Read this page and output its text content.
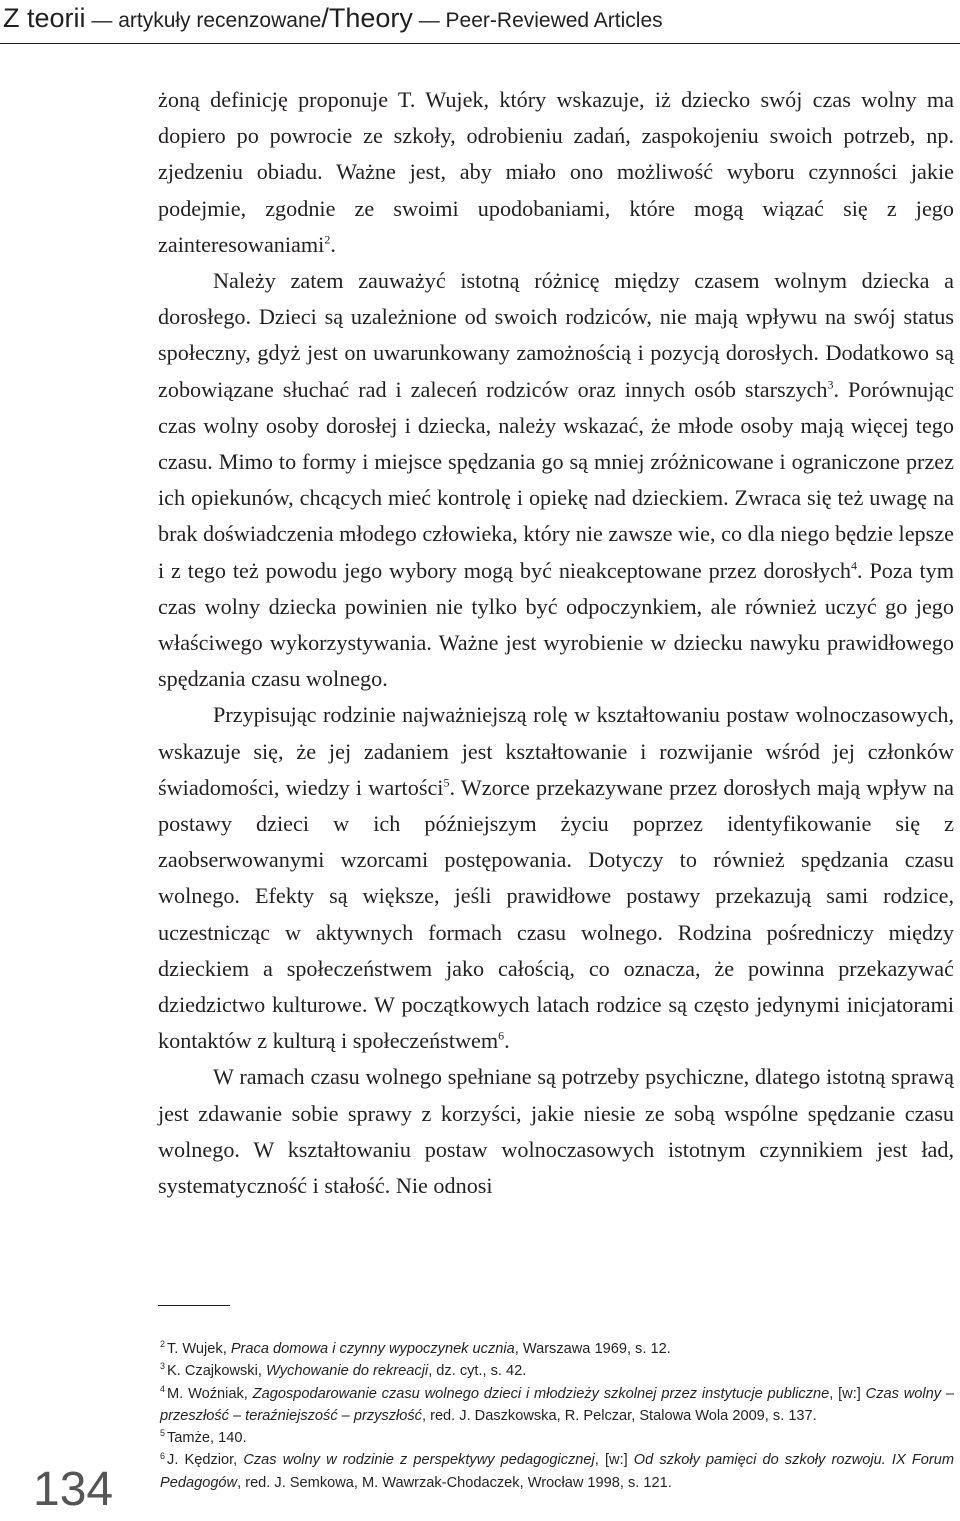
Z teorii — artykuły recenzowane/Theory — Peer-Reviewed Articles

żoną definicję proponuje T. Wujek, który wskazuje, iż dziecko swój czas wolny ma dopiero po powrocie ze szkoły, odrobieniu zadań, zaspokojeniu swoich potrzeb, np. zjedzeniu obiadu. Ważne jest, aby miało ono możliwość wyboru czynności jakie podejmie, zgodnie ze swoimi upodobaniami, które mogą wiązać się z jego zainteresowaniami$^2$.

Należy zatem zauważyć istotną różnicę między czasem wolnym dziecka a dorosłego. Dzieci są uzależnione od swoich rodziców, nie mają wpływu na swój status społeczny, gdyż jest on uwarunkowany zamożnością i pozycją dorosłych. Dodatkowo są zobowiązane słuchać rad i zaleceń rodziców oraz innych osób starszych$^3$. Porównując czas wolny osoby dorosłej i dziecka, należy wskazać, że młode osoby mają więcej tego czasu. Mimo to formy i miejsce spędzania go są mniej zróżnicowane i ograniczone przez ich opiekunów, chcących mieć kontrolę i opiekę nad dzieckiem. Zwraca się też uwagę na brak doświadczenia młodego człowieka, który nie zawsze wie, co dla niego będzie lepsze i z tego też powodu jego wybory mogą być nieakceptowane przez dorosłych$^4$. Poza tym czas wolny dziecka powinien nie tylko być odpoczynkiem, ale również uczyć go jego właściwego wykorzystywania. Ważne jest wyrobienie w dziecku nawyku prawidłowego spędzania czasu wolnego.

Przypisując rodzinie najważniejszą rolę w kształtowaniu postaw wolnoczasowych, wskazuje się, że jej zadaniem jest kształtowanie i rozwijanie wśród jej członków świadomości, wiedzy i wartości$^5$. Wzorce przekazywane przez dorosłych mają wpływ na postawy dzieci w ich późniejszym życiu poprzez identyfikowanie się z zaobserwowanymi wzorcami postępowania. Dotyczy to również spędzania czasu wolnego. Efekty są większe, jeśli prawidłowe postawy przekazują sami rodzice, uczestnicząc w aktywnych formach czasu wolnego. Rodzina pośredniczy między dzieckiem a społeczeństwem jako całością, co oznacza, że powinna przekazywać dziedzictwo kulturowe. W początkowych latach rodzice są często jedynymi inicjatorami kontaktów z kulturą i społeczeństwem$^6$.

W ramach czasu wolnego spełniane są potrzeby psychiczne, dlatego istotną sprawą jest zdawanie sobie sprawy z korzyści, jakie niesie ze sobą wspólne spędzanie czasu wolnego. W kształtowaniu postaw wolnoczasowych istotnym czynnikiem jest ład, systematyczność i stałość. Nie odnosi

$^2$ T. Wujek, Praca domowa i czynny wypoczynek ucznia, Warszawa 1969, s. 12.

$^3$ K. Czajkowski, Wychowanie do rekreacji, dz. cyt., s. 42.

$^4$ M. Woźniak, Zagospodarowanie czasu wolnego dzieci i młodzieży szkolnej przez instytucje publiczne, [w:] Czas wolny – przeszłość – teraźniejszość – przyszłość, red. J. Daszkowska, R. Pelczar, Stalowa Wola 2009, s. 137.

$^5$ Tamże, 140.

$^6$ J. Kędzior, Czas wolny w rodzinie z perspektywy pedagogicznej, [w:] Od szkoły pamięci do szkoły rozwoju. IX Forum Pedagogów, red. J. Semkowa, M. Wawrzak-Chodaczek, Wrocław 1998, s. 121.

134
